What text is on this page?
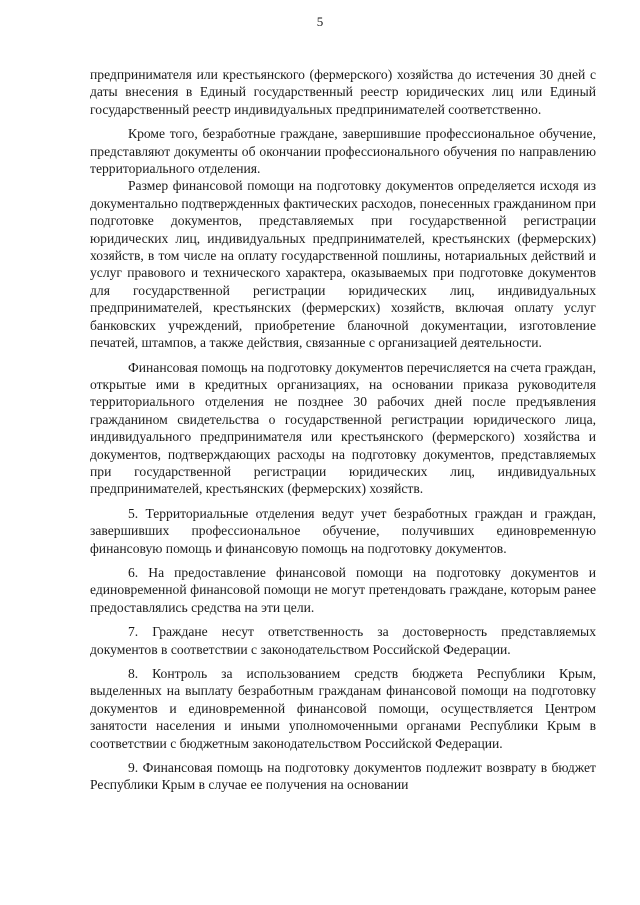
5

предпринимателя или крестьянского (фермерского) хозяйства до истечения 30 дней с даты внесения в Единый государственный реестр юридических лиц или Единый государственный реестр индивидуальных предпринимателей соответственно.

Кроме того, безработные граждане, завершившие профессиональное обучение, представляют документы об окончании профессионального обучения по направлению территориального отделения.

Размер финансовой помощи на подготовку документов определяется исходя из документально подтвержденных фактических расходов, понесенных гражданином при подготовке документов, представляемых при государственной регистрации юридических лиц, индивидуальных предпринимателей, крестьянских (фермерских) хозяйств, в том числе на оплату государственной пошлины, нотариальных действий и услуг правового и технического характера, оказываемых при подготовке документов для государственной регистрации юридических лиц, индивидуальных предпринимателей, крестьянских (фермерских) хозяйств, включая оплату услуг банковских учреждений, приобретение бланочной документации, изготовление печатей, штампов, а также действия, связанные с организацией деятельности.

Финансовая помощь на подготовку документов перечисляется на счета граждан, открытые ими в кредитных организациях, на основании приказа руководителя территориального отделения не позднее 30 рабочих дней после предъявления гражданином свидетельства о государственной регистрации юридического лица, индивидуального предпринимателя или крестьянского (фермерского) хозяйства и документов, подтверждающих расходы на подготовку документов, представляемых при государственной регистрации юридических лиц, индивидуальных предпринимателей, крестьянских (фермерских) хозяйств.

5. Территориальные отделения ведут учет безработных граждан и граждан, завершивших профессиональное обучение, получивших единовременную финансовую помощь и финансовую помощь на подготовку документов.

6. На предоставление финансовой помощи на подготовку документов и единовременной финансовой помощи не могут претендовать граждане, которым ранее предоставлялись средства на эти цели.

7. Граждане несут ответственность за достоверность представляемых документов в соответствии с законодательством Российской Федерации.

8. Контроль за использованием средств бюджета Республики Крым, выделенных на выплату безработным гражданам финансовой помощи на подготовку документов и единовременной финансовой помощи, осуществляется Центром занятости населения и иными уполномоченными органами Республики Крым в соответствии с бюджетным законодательством Российской Федерации.

9. Финансовая помощь на подготовку документов подлежит возврату в бюджет Республики Крым в случае ее получения на основании
